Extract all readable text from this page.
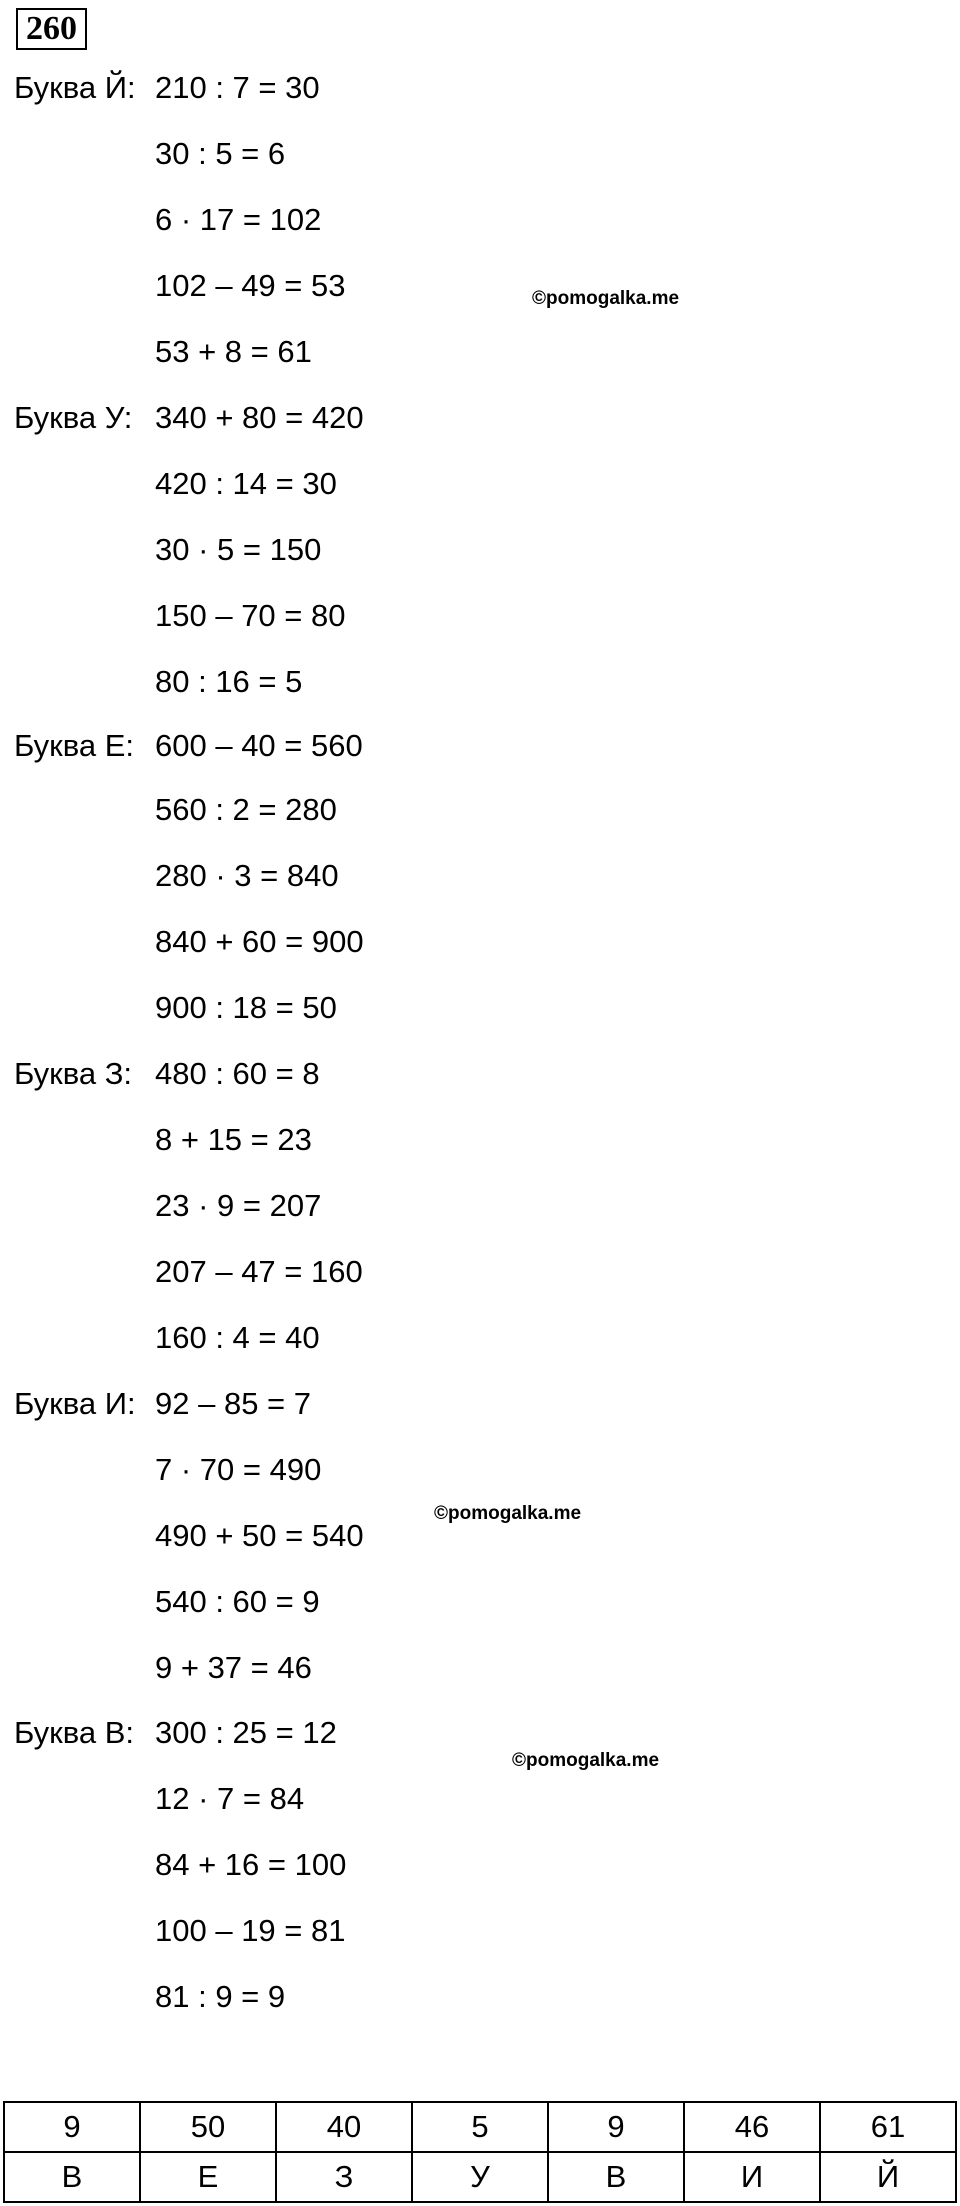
260
Буква Й: 210 : 7 = 30
30 : 5 = 6
6 · 17 = 102
102 – 49 = 53
53 + 8 = 61
Буква У: 340 + 80 = 420
420 : 14 = 30
30 · 5 = 150
150 – 70 = 80
80 : 16 = 5
Буква Е: 600 – 40 = 560
560 : 2 = 280
280 · 3 = 840
840 + 60 = 900
900 : 18 = 50
Буква З: 480 : 60 = 8
8 + 15 = 23
23 · 9 = 207
207 – 47 = 160
160 : 4 = 40
Буква И: 92 – 85 = 7
7 · 70 = 490
490 + 50 = 540
540 : 60 = 9
9 + 37 = 46
Буква В: 300 : 25 = 12
12 · 7 = 84
84 + 16 = 100
100 – 19 = 81
81 : 9 = 9
©pomogalka.me
©pomogalka.me
©pomogalka.me
9	50	40	5	9	46	61
В	Е	З	У	В	И	Й
